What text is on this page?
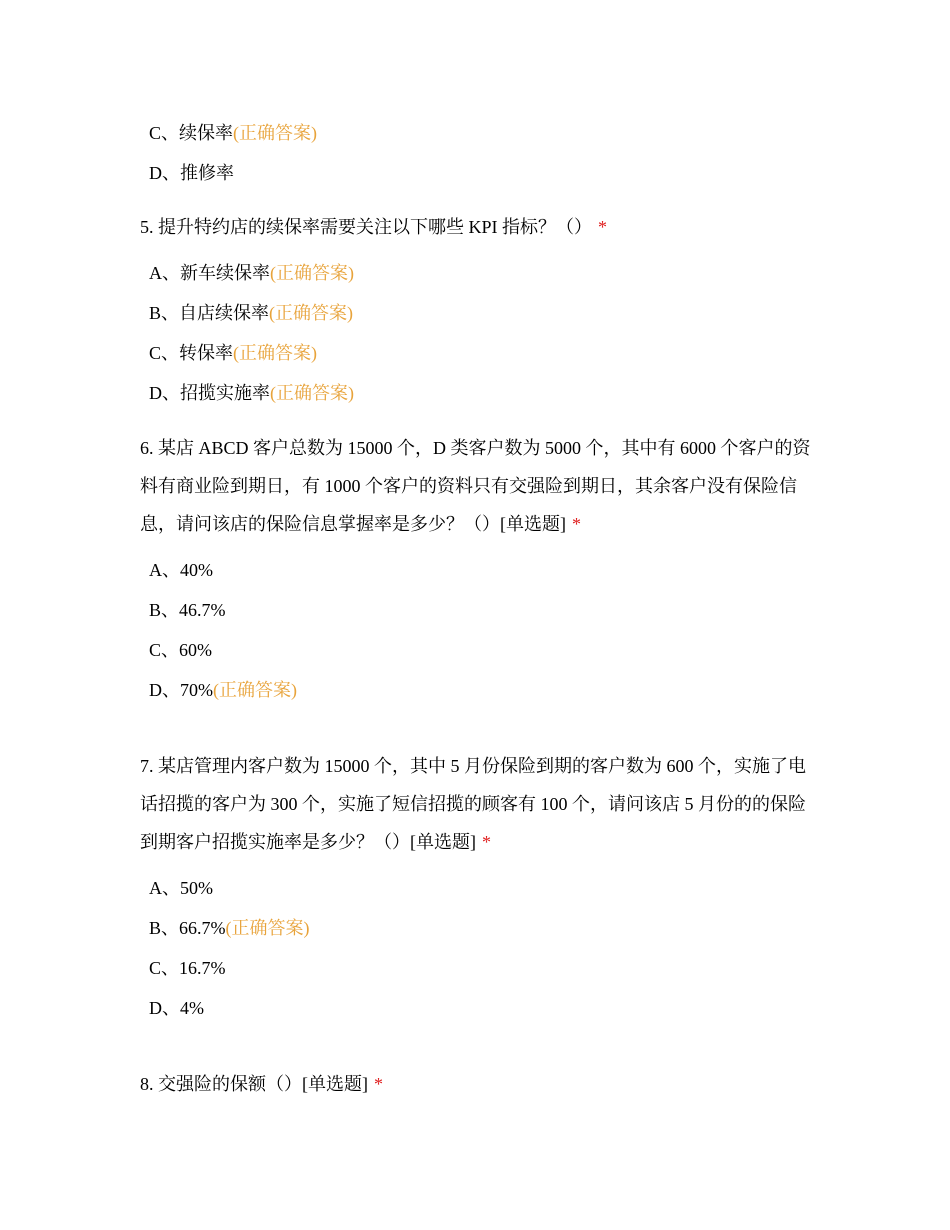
C、续保率(正确答案)
D、推修率
5. 提升特约店的续保率需要关注以下哪些 KPI 指标？（） *
A、新车续保率(正确答案)
B、自店续保率(正确答案)
C、转保率(正确答案)
D、招揽实施率(正确答案)
6. 某店 ABCD 客户总数为 15000 个，D 类客户数为 5000 个，其中有 6000 个客户的资料有商业险到期日，有 1000 个客户的资料只有交强险到期日，其余客户没有保险信息，请问该店的保险信息掌握率是多少？（）[单选题] *
A、40%
B、46.7%
C、60%
D、70%(正确答案)
7. 某店管理内客户数为 15000 个，其中 5 月份保险到期的客户数为 600 个，实施了电话招揽的客户为 300 个，实施了短信招揽的顾客有 100 个，请问该店 5 月份的的保险到期客户招揽实施率是多少？（）[单选题] *
A、50%
B、66.7%(正确答案)
C、16.7%
D、4%
8. 交强险的保额（）[单选题] *
